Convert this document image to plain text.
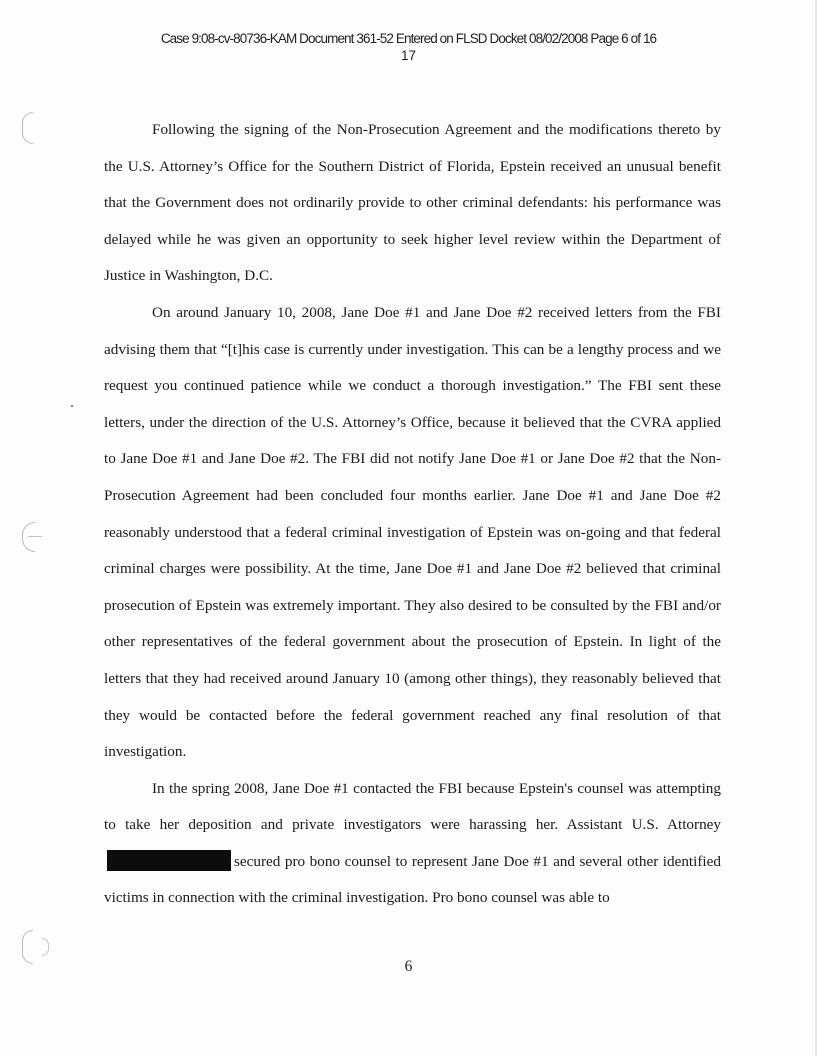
Case 9:08-cv-80736-KAM Document 361-52 Entered on FLSD Docket 08/02/2008 Page 6 of 16
17

Following the signing of the Non-Prosecution Agreement and the modifications thereto by the U.S. Attorney’s Office for the Southern District of Florida, Epstein received an unusual benefit that the Government does not ordinarily provide to other criminal defendants: his performance was delayed while he was given an opportunity to seek higher level review within the Department of Justice in Washington, D.C.

On around January 10, 2008, Jane Doe #1 and Jane Doe #2 received letters from the FBI advising them that “[t]his case is currently under investigation. This can be a lengthy process and we request you continued patience while we conduct a thorough investigation.” The FBI sent these letters, under the direction of the U.S. Attorney’s Office, because it believed that the CVRA applied to Jane Doe #1 and Jane Doe #2. The FBI did not notify Jane Doe #1 or Jane Doe #2 that the Non-Prosecution Agreement had been concluded four months earlier. Jane Doe #1 and Jane Doe #2 reasonably understood that a federal criminal investigation of Epstein was on-going and that federal criminal charges were possibility. At the time, Jane Doe #1 and Jane Doe #2 believed that criminal prosecution of Epstein was extremely important. They also desired to be consulted by the FBI and/or other representatives of the federal government about the prosecution of Epstein. In light of the letters that they had received around January 10 (among other things), they reasonably believed that they would be contacted before the federal government reached any final resolution of that investigation.

In the spring 2008, Jane Doe #1 contacted the FBI because Epstein's counsel was attempting to take her deposition and private investigators were harassing her. Assistant U.S. Attorneysecured pro bono counsel to represent Jane Doe #1 and several other identified victims in connection with the criminal investigation. Pro bono counsel was able to

6
